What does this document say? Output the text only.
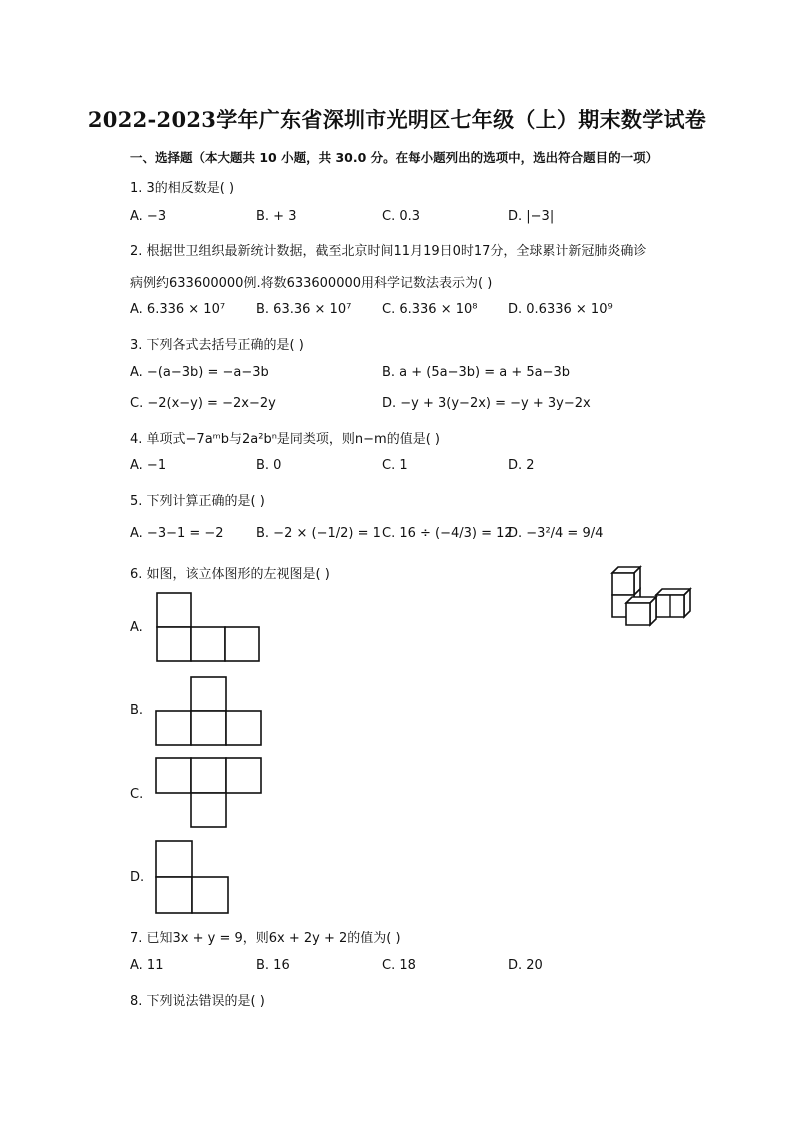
2022-2023学年广东省深圳市光明区七年级（上）期末数学试卷
一、选择题（本大题共 10 小题，共 30.0 分。在每小题列出的选项中，选出符合题目的一项）
1. 3的相反数是( )
A. −3	B. + 3	C. 0.3	D. |−3|
2. 根据世卫组织最新统计数据，截至北京时间11月19日0时17分，全球累计新冠肺炎确诊
病例约633600000例.将数633600000用科学记数法表示为( )
A. 6.336 × 10⁷ B. 63.36 × 10⁷ C. 6.336 × 10⁸ D. 0.6336 × 10⁹
3. 下列各式去括号正确的是( )
A. −(a−3b) = −a−3b	B. a + (5a−3b) = a + 5a−3b
C. −2(x−y) = −2x−2y	D. −y + 3(y−2x) = −y + 3y−2x
4. 单项式−7aᵐb与2a²bⁿ是同类项，则n−m的值是( )
A. −1	B. 0	C. 1	D. 2
5. 下列计算正确的是( )
A. −3−1 = −2 B. −2 × (−1/2) = 1 C. 16 ÷ (−4/3) = 12
D. −3²/4 = 9/4
6. 如图，该立体图形的左视图是( )
A.
B.
C.
D.
7. 已知3x + y = 9，则6x + 2y + 2的值为( )
A. 11	B. 16	C. 18	D. 20
8. 下列说法错误的是( )
